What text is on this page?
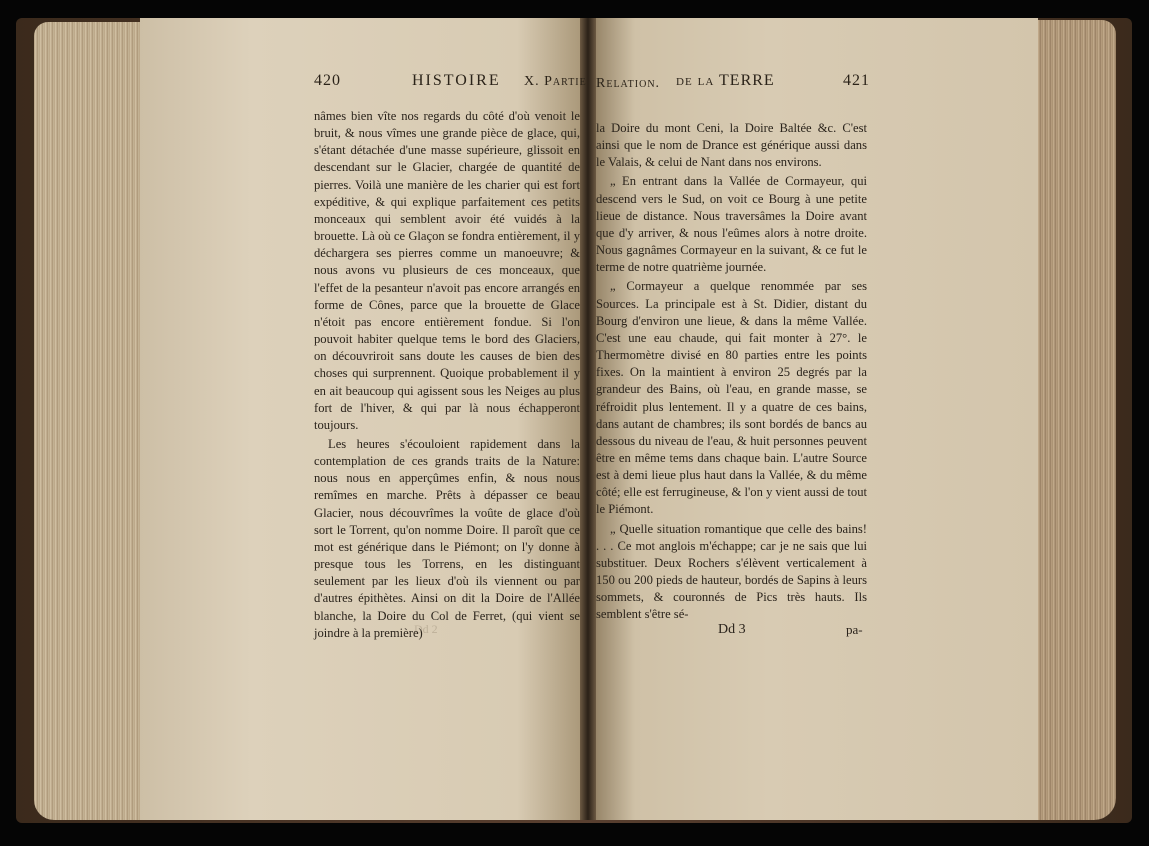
420	HISTOIRE X. Partie

nâmes bien vîte nos regards du côté d'où venoit le bruit, & nous vîmes une grande pièce de glace, qui, s'étant détachée d'une masse supérieure, glissoit en descendant sur le Glacier, chargée de quantité de pierres. Voilà une manière de les charier qui est fort expéditive, & qui explique parfaitement ces petits monceaux qui semblent avoir été vuidés à la brouette. Là où ce Glaçon se fondra entièrement, il y déchargera ses pierres comme un manoeuvre; & nous avons vu plusieurs de ces monceaux, que l'effet de la pesanteur n'avoit pas encore arrangés en forme de Cônes, parce que la brouette de Glace n'étoit pas encore entièrement fondue. Si l'on pouvoit habiter quelque tems le bord des Glaciers, on découvriroit sans doute les causes de bien des choses qui surprennent. Quoique probablement il y en ait beaucoup qui agissent sous les Neiges au plus fort de l'hiver, & qui par là nous échapperont toujours.

Les heures s'écouloient rapidement dans la contemplation de ces grands traits de la Nature: nous nous en apperçûmes enfin, & nous nous remîmes en marche. Prêts à dépasser ce beau Glacier, nous découvrîmes la voûte de glace d'où sort le Torrent, qu'on nomme Doire. Il paroît que ce mot est générique dans le Piémont; on l'y donne à presque tous les Torrens, en les distinguant seulement par les lieux d'où ils viennent ou par d'autres épithètes. Ainsi on dit la Doire de l'Allée blanche, la Doire du Col de Ferret, (qui vient se joindre à la première)

Dd 2
Relation. de la TERRE	421

la Doire du mont Ceni, la Doire Baltée &c. C'est ainsi que le nom de Drance est générique aussi dans le Valais, & celui de Nant dans nos environs.

„ En entrant dans la Vallée de Cormayeur, qui descend vers le Sud, on voit ce Bourg à une petite lieue de distance. Nous traversâmes la Doire avant que d'y arriver, & nous l'eûmes alors à notre droite. Nous gagnâmes Cormayeur en la suivant, & ce fut le terme de notre quatrième journée.

„ Cormayeur a quelque renommée par ses Sources. La principale est à St. Didier, distant du Bourg d'environ une lieue, & dans la même Vallée. C'est une eau chaude, qui fait monter à 27°. le Thermomètre divisé en 80 parties entre les points fixes. On la maintient à environ 25 degrés par la grandeur des Bains, où l'eau, en grande masse, se réfroidit plus lentement. Il y a quatre de ces bains, dans autant de chambres; ils sont bordés de bancs au dessous du niveau de l'eau, & huit personnes peuvent être en même tems dans chaque bain. L'autre Source est à demi lieue plus haut dans la Vallée, & du même côté; elle est ferrugineuse, & l'on y vient aussi de tout le Piémont.

„ Quelle situation romantique que celle des bains! . . . Ce mot anglois m'échappe; car je ne sais que lui substituer. Deux Rochers s'élèvent verticalement à 150 ou 200 pieds de hauteur, bordés de Sapins à leurs sommets, & couronnés de Pics très hauts. Ils semblent s'être sé-

Dd 3	pa-
